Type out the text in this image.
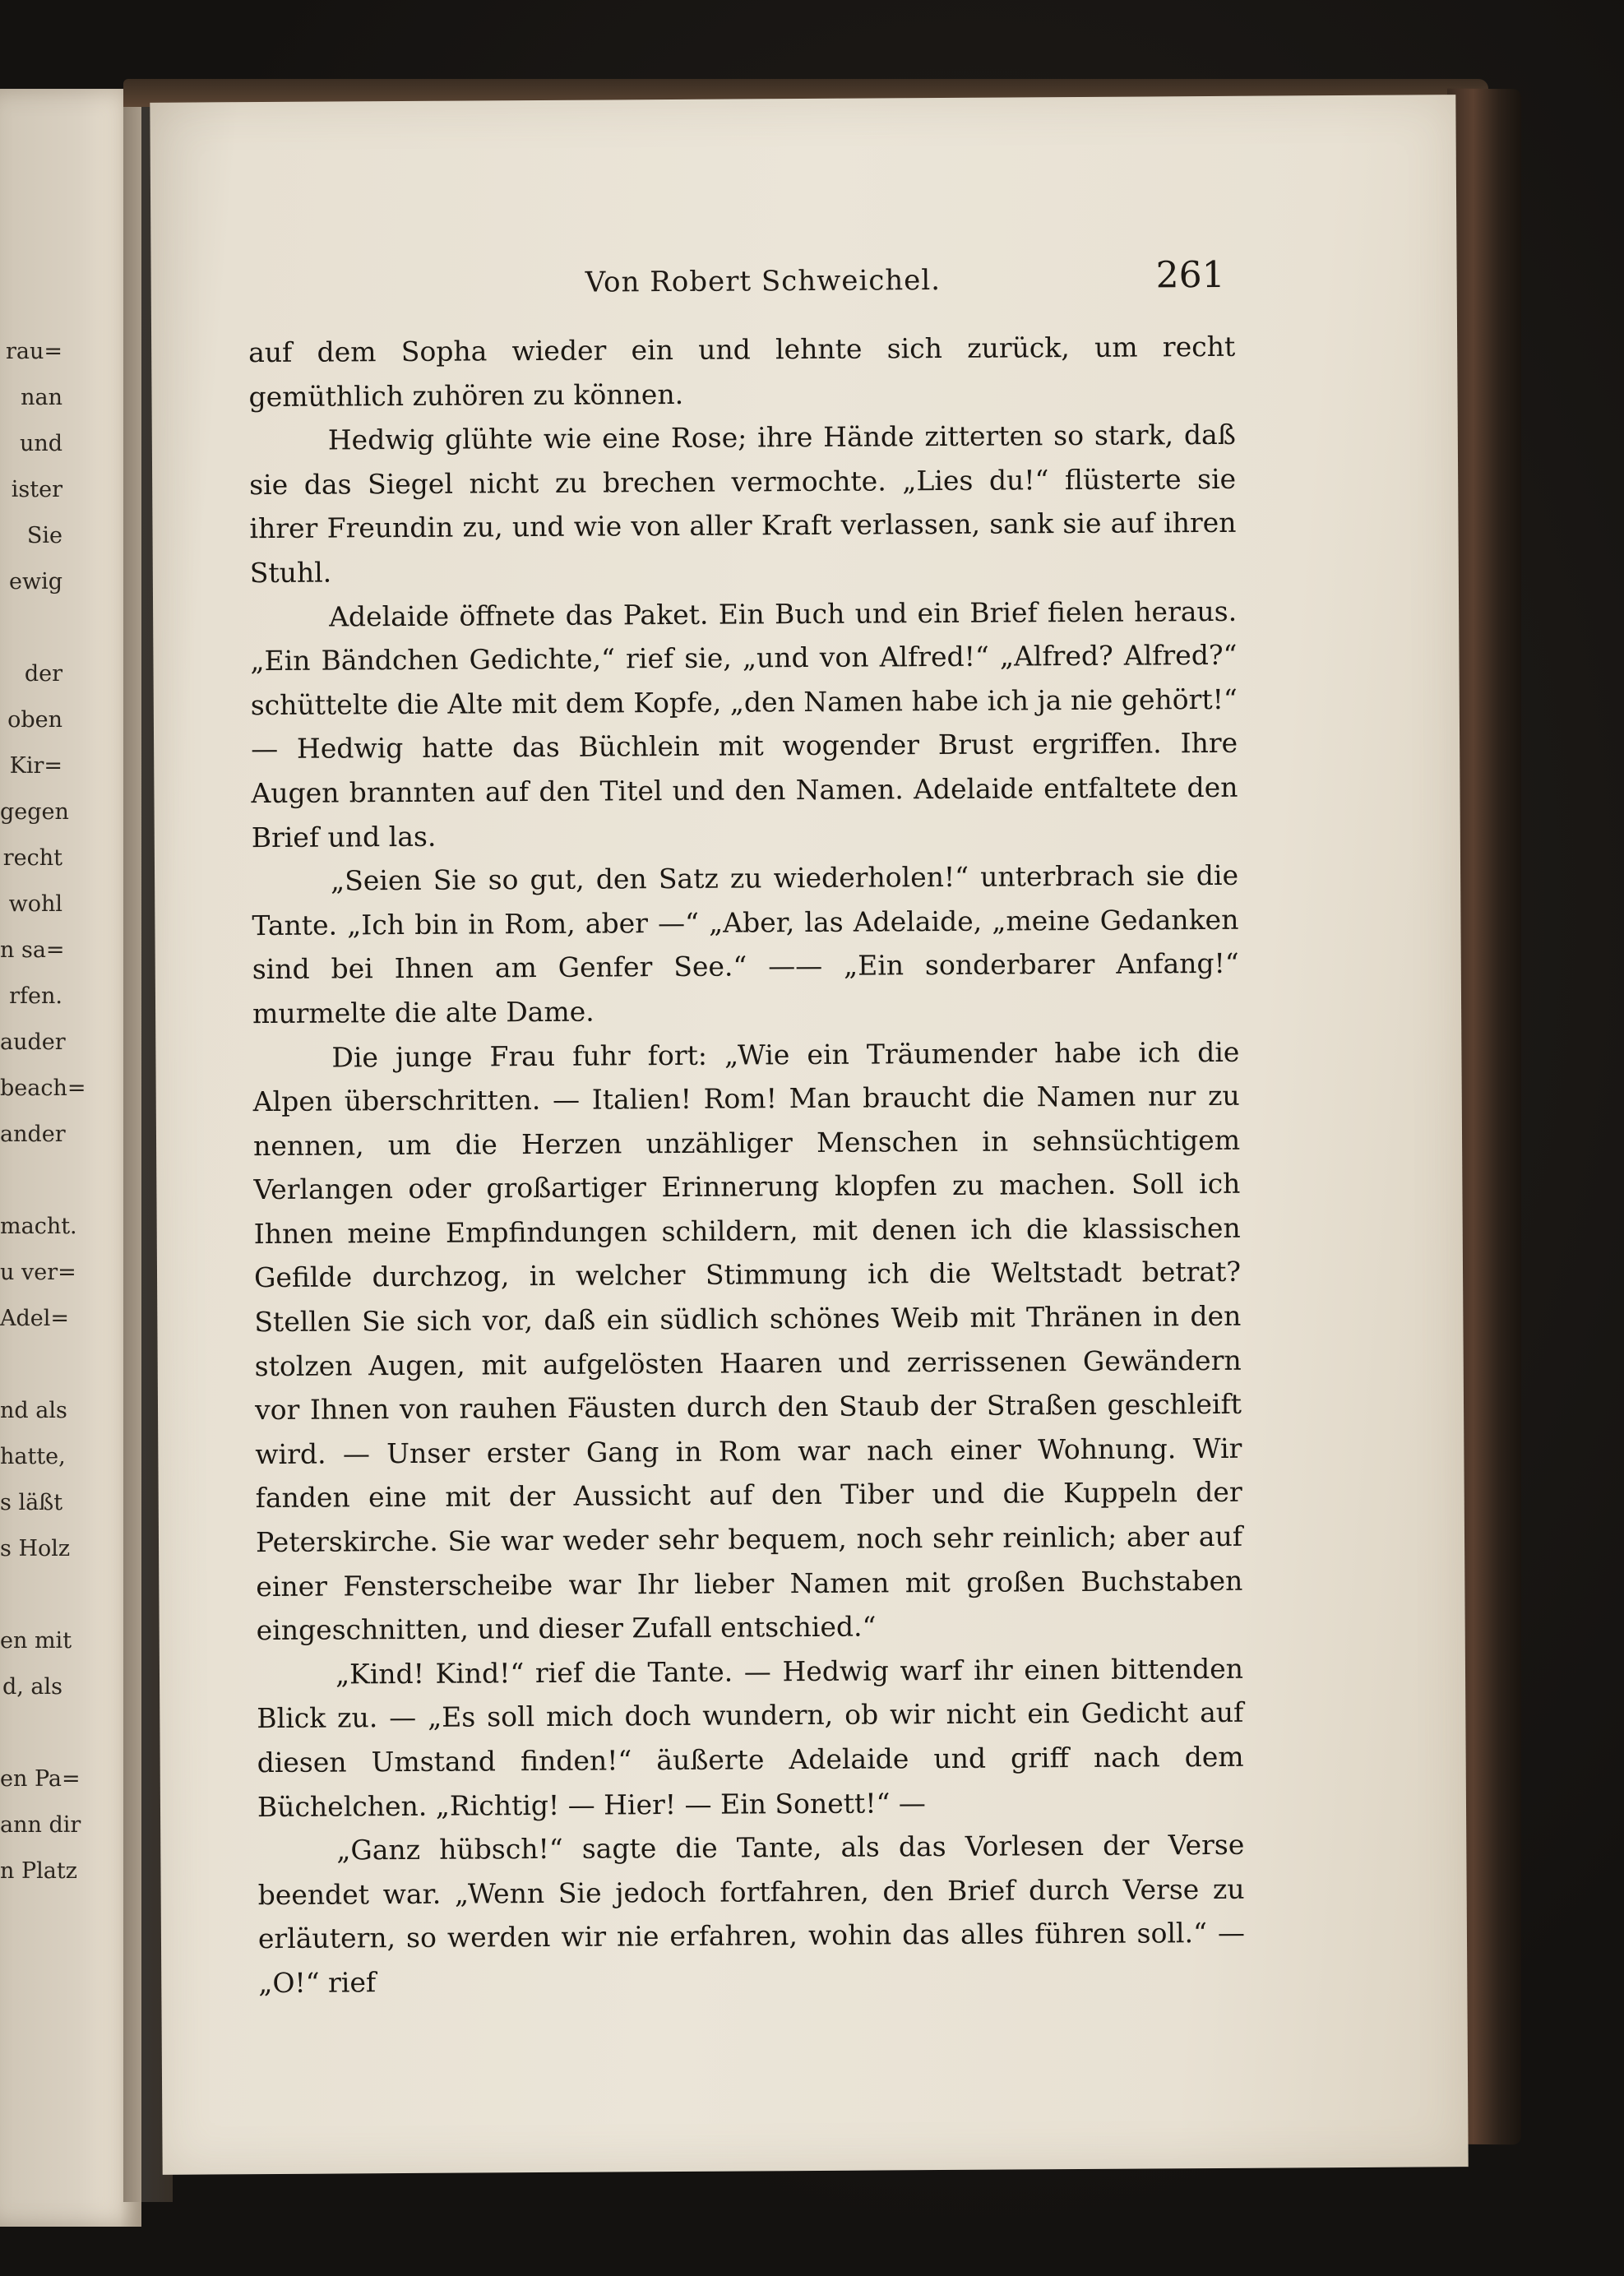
rau=
nan
und
ister
Sie
ewig
der
oben
Kir=
gegen
recht
wohl
n sa=
rfen.
auder
beach=
ander
macht.
u ver=
Adel=
nd als
hatte,
s läßt
s Holz
en mit
d, als
en Pa=
ann dir
n Platz
Von Robert Schweichel.	261

auf dem Sopha wieder ein und lehnte sich zurück, um recht gemüthlich zuhören zu können.

Hedwig glühte wie eine Rose; ihre Hände zitterten so stark, daß sie das Siegel nicht zu brechen vermochte. „Lies du!“ flüsterte sie ihrer Freundin zu, und wie von aller Kraft verlassen, sank sie auf ihren Stuhl.

Adelaide öffnete das Paket. Ein Buch und ein Brief fielen heraus. „Ein Bändchen Gedichte,“ rief sie, „und von Alfred!“ „Alfred? Alfred?“ schüttelte die Alte mit dem Kopfe, „den Namen habe ich ja nie gehört!“ — Hedwig hatte das Büchlein mit wogender Brust ergriffen. Ihre Augen brannten auf den Titel und den Namen. Adelaide entfaltete den Brief und las.

„Seien Sie so gut, den Satz zu wiederholen!“ unterbrach sie die Tante. „Ich bin in Rom, aber —“ „Aber, las Adelaide, „meine Gedanken sind bei Ihnen am Genfer See.“ —— „Ein sonderbarer Anfang!“ murmelte die alte Dame.

Die junge Frau fuhr fort: „Wie ein Träumender habe ich die Alpen überschritten. — Italien! Rom! Man braucht die Namen nur zu nennen, um die Herzen unzähliger Menschen in sehnsüchtigem Verlangen oder großartiger Erinnerung klopfen zu machen. Soll ich Ihnen meine Empfindungen schildern, mit denen ich die klassischen Gefilde durchzog, in welcher Stimmung ich die Weltstadt betrat? Stellen Sie sich vor, daß ein südlich schönes Weib mit Thränen in den stolzen Augen, mit aufgelösten Haaren und zerrissenen Gewändern vor Ihnen von rauhen Fäusten durch den Staub der Straßen geschleift wird. — Unser erster Gang in Rom war nach einer Wohnung. Wir fanden eine mit der Aussicht auf den Tiber und die Kuppeln der Peterskirche. Sie war weder sehr bequem, noch sehr reinlich; aber auf einer Fensterscheibe war Ihr lieber Namen mit großen Buchstaben eingeschnitten, und dieser Zufall entschied.“

„Kind! Kind!“ rief die Tante. — Hedwig warf ihr einen bittenden Blick zu. — „Es soll mich doch wundern, ob wir nicht ein Gedicht auf diesen Umstand finden!“ äußerte Adelaide und griff nach dem Büchelchen. „Richtig! — Hier! — Ein Sonett!“ —

„Ganz hübsch!“ sagte die Tante, als das Vorlesen der Verse beendet war. „Wenn Sie jedoch fortfahren, den Brief durch Verse zu erläutern, so werden wir nie erfahren, wohin das alles führen soll.“ — „O!“ rief
